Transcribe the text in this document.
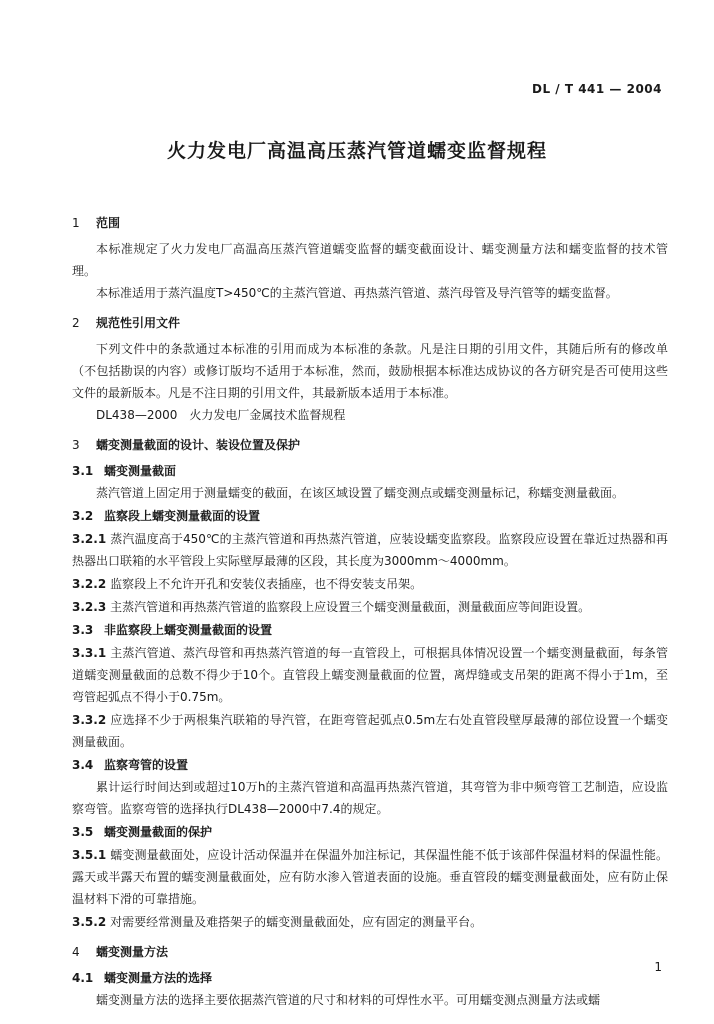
DL / T 441 — 2004
火力发电厂高温高压蒸汽管道蠕变监督规程
1 范围
本标准规定了火力发电厂高温高压蒸汽管道蠕变监督的蠕变截面设计、蠕变测量方法和蠕变监督的技术管理。
本标准适用于蒸汽温度T>450℃的主蒸汽管道、再热蒸汽管道、蒸汽母管及导汽管等的蠕变监督。
2 规范性引用文件
下列文件中的条款通过本标准的引用而成为本标准的条款。凡是注日期的引用文件，其随后所有的修改单（不包括勘误的内容）或修订版均不适用于本标准，然而，鼓励根据本标准达成协议的各方研究是否可使用这些文件的最新版本。凡是不注日期的引用文件，其最新版本适用于本标准。
DL438—2000　火力发电厂金属技术监督规程
3 蠕变测量截面的设计、装设位置及保护
3.1 蠕变测量截面
蒸汽管道上固定用于测量蠕变的截面，在该区域设置了蠕变测点或蠕变测量标记，称蠕变测量截面。
3.2 监察段上蠕变测量截面的设置
3.2.1 蒸汽温度高于450℃的主蒸汽管道和再热蒸汽管道，应装设蠕变监察段。监察段应设置在靠近过热器和再热器出口联箱的水平管段上实际壁厚最薄的区段，其长度为3000mm～4000mm。
3.2.2 监察段上不允许开孔和安装仪表插座，也不得安装支吊架。
3.2.3 主蒸汽管道和再热蒸汽管道的监察段上应设置三个蠕变测量截面，测量截面应等间距设置。
3.3 非监察段上蠕变测量截面的设置
3.3.1 主蒸汽管道、蒸汽母管和再热蒸汽管道的每一直管段上，可根据具体情况设置一个蠕变测量截面，每条管道蠕变测量截面的总数不得少于10个。直管段上蠕变测量截面的位置，离焊缝或支吊架的距离不得小于1m，至弯管起弧点不得小于0.75m。
3.3.2 应选择不少于两根集汽联箱的导汽管，在距弯管起弧点0.5m左右处直管段壁厚最薄的部位设置一个蠕变测量截面。
3.4 监察弯管的设置
累计运行时间达到或超过10万h的主蒸汽管道和高温再热蒸汽管道，其弯管为非中频弯管工艺制造，应设监察弯管。监察弯管的选择执行DL438—2000中7.4的规定。
3.5 蠕变测量截面的保护
3.5.1 蠕变测量截面处，应设计活动保温并在保温外加注标记，其保温性能不低于该部件保温材料的保温性能。露天或半露天布置的蠕变测量截面处，应有防水渗入管道表面的设施。垂直管段的蠕变测量截面处，应有防止保温材料下滑的可靠措施。
3.5.2 对需要经常测量及难搭架子的蠕变测量截面处，应有固定的测量平台。
4 蠕变测量方法
4.1 蠕变测量方法的选择
蠕变测量方法的选择主要依据蒸汽管道的尺寸和材料的可焊性水平。可用蠕变测点测量方法或蠕
1
